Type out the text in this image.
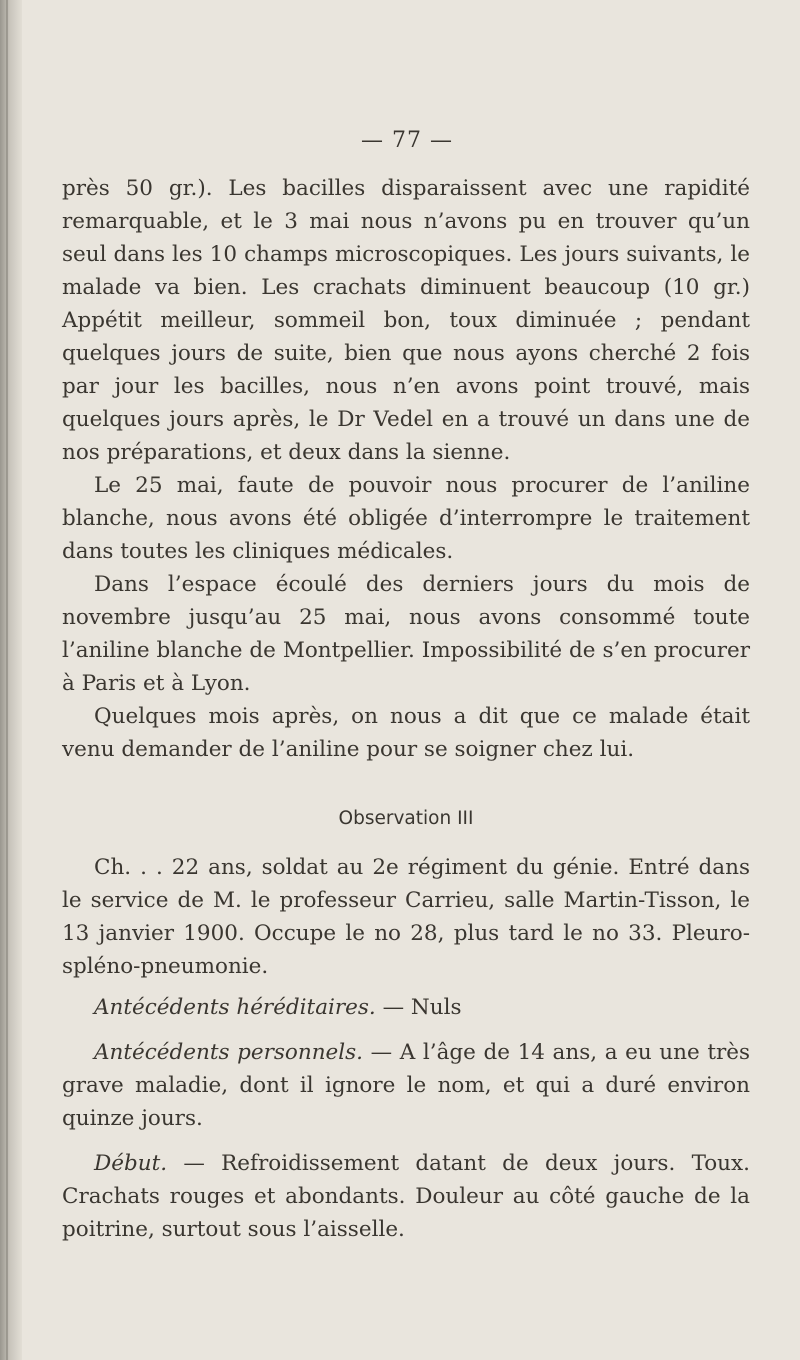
— 77 —

près 50 gr.). Les bacilles disparaissent avec une rapidité remarquable, et le 3 mai nous n’avons pu en trouver qu’un seul dans les 10 champs microscopiques. Les jours suivants, le malade va bien. Les crachats diminuent beaucoup (10 gr.) Appétit meilleur, sommeil bon, toux diminuée ; pendant quelques jours de suite, bien que nous ayons cherché 2 fois par jour les bacilles, nous n’en avons point trouvé, mais quelques jours après, le Dr Vedel en a trouvé un dans une de nos préparations, et deux dans la sienne.

Le 25 mai, faute de pouvoir nous procurer de l’aniline blanche, nous avons été obligée d’interrompre le traitement dans toutes les cliniques médicales.

Dans l’espace écoulé des derniers jours du mois de novembre jusqu’au 25 mai, nous avons consommé toute l’aniline blanche de Montpellier. Impossibilité de s’en procurer à Paris et à Lyon.

Quelques mois après, on nous a dit que ce malade était venu demander de l’aniline pour se soigner chez lui.

Observation III

Ch. . . 22 ans, soldat au 2e régiment du génie. Entré dans le service de M. le professeur Carrieu, salle Martin-Tisson, le 13 janvier 1900. Occupe le no 28, plus tard le no 33. Pleuro-spléno-pneumonie.

Antécédents héréditaires. — Nuls

Antécédents personnels. — A l’âge de 14 ans, a eu une très grave maladie, dont il ignore le nom, et qui a duré environ quinze jours.

Début. — Refroidissement datant de deux jours. Toux. Crachats rouges et abondants. Douleur au côté gauche de la poitrine, surtout sous l’aisselle.
